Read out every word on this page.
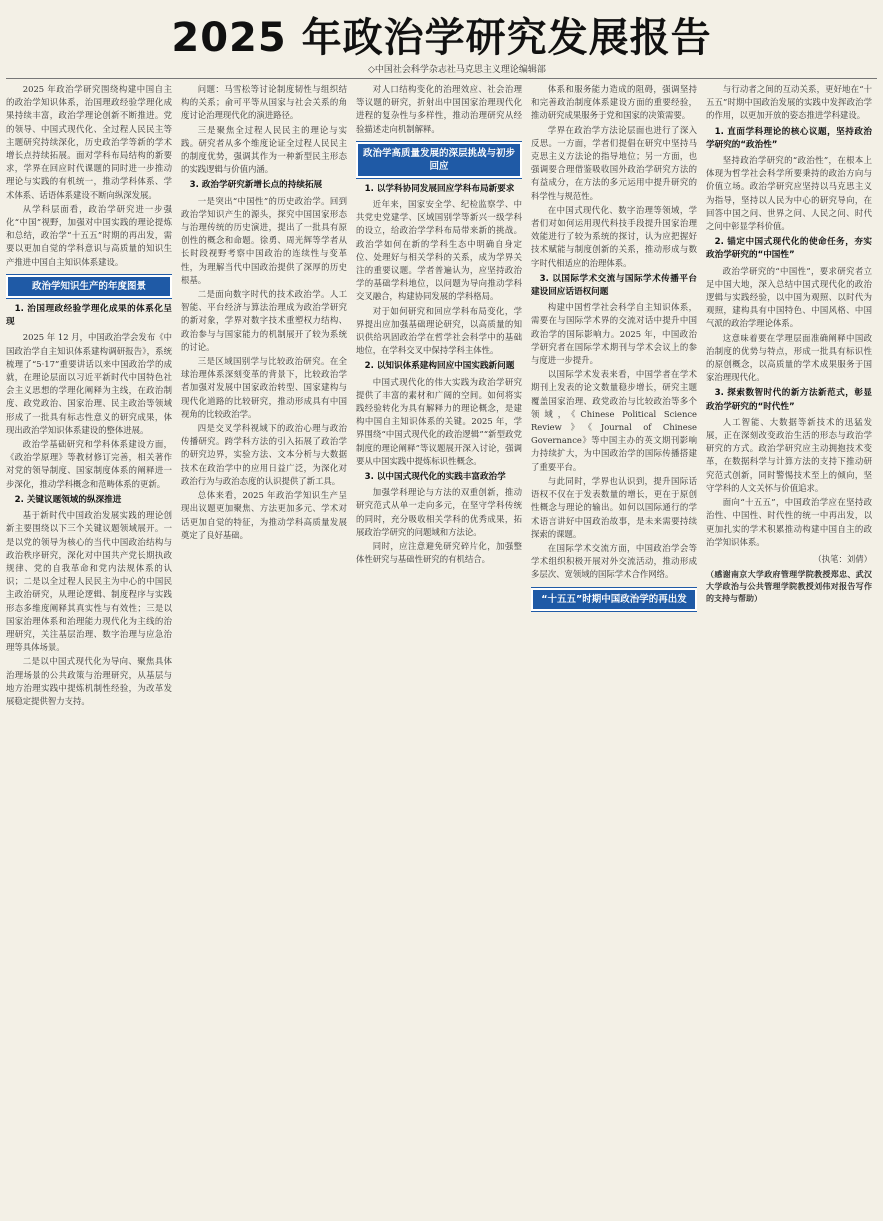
2025 年政治学研究发展报告
◇中国社会科学杂志社马克思主义理论编辑部

2025 年政治学研究围绕构建中国自主的政治学知识体系，治国理政经验学理化成果持续丰富，政治学理论创新不断推进。党的领导、中国式现代化、全过程人民民主等主题研究持续深化，历史政治学等新的学术增长点持续拓展。面对学科布局结构的新要求，学界在回应时代课题的同时进一步推动理论与实践的有机统一，推动学科体系、学术体系、话语体系建设不断向纵深发展。

从学科层面看，政治学研究进一步强化“中国”视野，加强对中国实践的理论提炼和总结，政治学“十五五”时期的再出发，需要以更加自觉的学科意识与高质量的知识生产推进中国自主知识体系建设。

政治学知识生产的年度图景
1. 治国理政经验学理化成果的体系化呈现

2025 年 12 月，中国政治学会发布《中国政治学自主知识体系建构调研报告》，系统梳理了“5·17”重要讲话以来中国政治学的成就，在理论层面以习近平新时代中国特色社会主义思想的学理化阐释为主线，在政治制度、政党政治、国家治理、民主政治等领域形成了一批具有标志性意义的研究成果，体现出政治学知识体系建设的整体进展。

政治学基础研究和学科体系建设方面，《政治学原理》等教材修订完善，相关著作对党的领导制度、国家制度体系的阐释进一步深化，推动学科概念和范畴体系的更新。

2. 关键议题领域的纵深推进

基于新时代中国政治发展实践的理论创新主要围绕以下三个关键议题领域展开。一是以党的领导为核心的当代中国政治结构与政治秩序研究，深化对中国共产党长期执政规律、党的自我革命和党内法规体系的认识；二是以全过程人民民主为中心的中国民主政治研究，从理论逻辑、制度程序与实践形态多维度阐释其真实性与有效性；三是以国家治理体系和治理能力现代化为主线的治理研究，关注基层治理、数字治理与应急治理等具体场景。

二是以中国式现代化为导向、聚焦具体治理场景的公共政策与治理研究，从基层与地方治理实践中提炼机制性经验，为改革发展稳定提供智力支持。

问题：马雪松等讨论制度韧性与组织结构的关系；俞可平等从国家与社会关系的角度讨论治理现代化的演进路径。

三是聚焦全过程人民民主的理论与实践。研究者从多个维度论证全过程人民民主的制度优势，强调其作为一种新型民主形态的实践逻辑与价值内涵。

3. 政治学研究新增长点的持续拓展

一是突出“中国性”的历史政治学。回到政治学知识产生的源头，探究中国国家形态与治理传统的历史演进，提出了一批具有原创性的概念和命题。徐勇、周光辉等学者从长时段视野考察中国政治的连续性与变革性，为理解当代中国政治提供了深厚的历史根基。

二是面向数字时代的技术政治学。人工智能、平台经济与算法治理成为政治学研究的新对象，学界对数字技术重塑权力结构、政治参与与国家能力的机制展开了较为系统的讨论。

三是区域国别学与比较政治研究。在全球治理体系深刻变革的背景下，比较政治学者加强对发展中国家政治转型、国家建构与现代化道路的比较研究，推动形成具有中国视角的比较政治学。

四是交叉学科视域下的政治心理与政治传播研究。跨学科方法的引入拓展了政治学的研究边界，实验方法、文本分析与大数据技术在政治学中的应用日益广泛，为深化对政治行为与政治态度的认识提供了新工具。

总体来看，2025 年政治学知识生产呈现出议题更加聚焦、方法更加多元、学术对话更加自觉的特征，为推动学科高质量发展奠定了良好基础。

对人口结构变化的治理效应、社会治理等议题的研究，折射出中国国家治理现代化进程的复杂性与多样性，推动治理研究从经验描述走向机制解释。

政治学高质量发展的深层挑战与初步回应
1. 以学科协同发展回应学科布局新要求

近年来，国家安全学、纪检监察学、中共党史党建学、区域国别学等新兴一级学科的设立，给政治学学科布局带来新的挑战。政治学如何在新的学科生态中明确自身定位、处理好与相关学科的关系，成为学界关注的重要议题。学者普遍认为，应坚持政治学的基础学科地位，以问题为导向推动学科交叉融合，构建协同发展的学科格局。

对于如何研究和回应学科布局变化，学界提出应加强基础理论研究，以高质量的知识供给巩固政治学在哲学社会科学中的基础地位，在学科交叉中保持学科主体性。

2. 以知识体系建构回应中国实践新问题

中国式现代化的伟大实践为政治学研究提供了丰富的素材和广阔的空间。如何将实践经验转化为具有解释力的理论概念，是建构中国自主知识体系的关键。2025 年，学界围绕“中国式现代化的政治逻辑”“新型政党制度的理论阐释”等议题展开深入讨论，强调要从中国实践中提炼标识性概念。

3. 以中国式现代化的实践丰富政治学

加强学科理论与方法的双重创新，推动研究范式从单一走向多元，在坚守学科传统的同时，充分吸收相关学科的优秀成果，拓展政治学研究的问题域和方法论。

同时，应注意避免研究碎片化，加强整体性研究与基础性研究的有机结合。

体系和服务能力造成的阻碍，强调坚持和完善政治制度体系建设方面的重要经验，推动研究成果服务于党和国家的决策需要。

学界在政治学方法论层面也进行了深入反思。一方面，学者们提倡在研究中坚持马克思主义方法论的指导地位；另一方面，也强调要合理借鉴吸收国外政治学研究方法的有益成分，在方法的多元运用中提升研究的科学性与规范性。

在中国式现代化、数字治理等领域，学者们对如何运用现代科技手段提升国家治理效能进行了较为系统的探讨，认为应把握好技术赋能与制度创新的关系，推动形成与数字时代相适应的治理体系。

3. 以国际学术交流与国际学术传播平台建设回应话语权问题

构建中国哲学社会科学自主知识体系，需要在与国际学术界的交流对话中提升中国政治学的国际影响力。2025 年，中国政治学研究者在国际学术期刊与学术会议上的参与度进一步提升。

以国际学术发表来看，中国学者在学术期刊上发表的论文数量稳步增长，研究主题覆盖国家治理、政党政治与比较政治等多个领域，《Chinese Political Science Review》《Journal of Chinese Governance》等中国主办的英文期刊影响力持续扩大，为中国政治学的国际传播搭建了重要平台。

与此同时，学界也认识到，提升国际话语权不仅在于发表数量的增长，更在于原创性概念与理论的输出。如何以国际通行的学术语言讲好中国政治故事，是未来需要持续探索的课题。

在国际学术交流方面，中国政治学会等学术组织积极开展对外交流活动，推动形成多层次、宽领域的国际学术合作网络。

“十五五”时期中国政治学的再出发

与行动者之间的互动关系，更好地在“十五五”时期中国政治发展的实践中发挥政治学的作用，以更加开放的姿态推进学科建设。

1. 直面学科理论的核心议题，坚持政治学研究的“政治性”

坚持政治学研究的“政治性”，在根本上体现为哲学社会科学所要秉持的政治方向与价值立场。政治学研究应坚持以马克思主义为指导，坚持以人民为中心的研究导向，在回答中国之问、世界之问、人民之问、时代之问中彰显学科价值。

2. 锚定中国式现代化的使命任务，夯实政治学研究的“中国性”

政治学研究的“中国性”，要求研究者立足中国大地，深入总结中国式现代化的政治逻辑与实践经验，以中国为观照、以时代为观照，建构具有中国特色、中国风格、中国气派的政治学理论体系。

这意味着要在学理层面准确阐释中国政治制度的优势与特点，形成一批具有标识性的原创概念，以高质量的学术成果服务于国家治理现代化。

3. 探索数智时代的新方法新范式，彰显政治学研究的“时代性”

人工智能、大数据等新技术的迅猛发展，正在深刻改变政治生活的形态与政治学研究的方式。政治学研究应主动拥抱技术变革，在数据科学与计算方法的支持下推动研究范式创新，同时警惕技术至上的倾向，坚守学科的人文关怀与价值追求。

面向“十五五”，中国政治学应在坚持政治性、中国性、时代性的统一中再出发，以更加扎实的学术积累推动构建中国自主的政治学知识体系。

（执笔：刘倩）
（感谢南京大学政府管理学院教授郑忠、武汉大学政治与公共管理学院教授刘伟对报告写作的支持与帮助）
